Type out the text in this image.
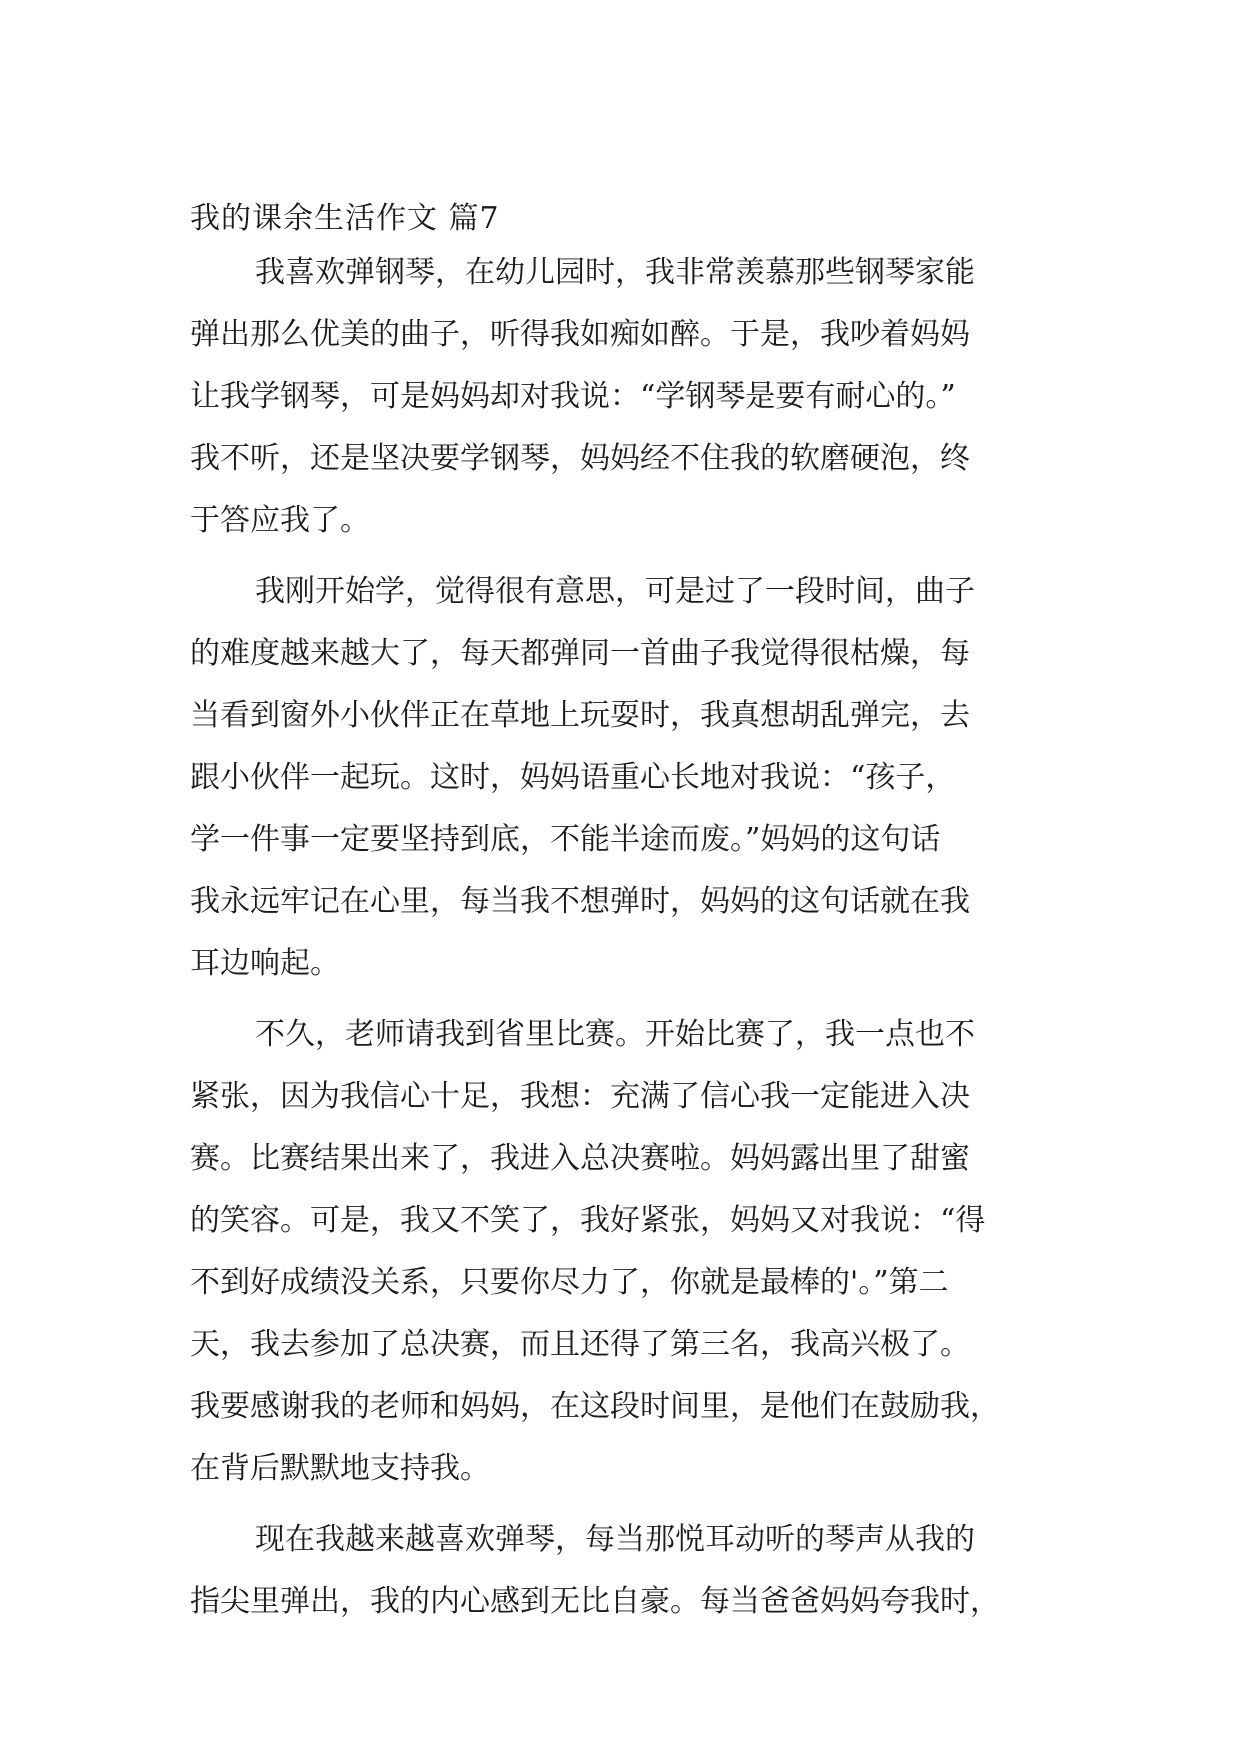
我的课余生活作文 篇7
我喜欢弹钢琴，在幼儿园时，我非常羡慕那些钢琴家能
弹出那么优美的曲子，听得我如痴如醉。于是，我吵着妈妈
让我学钢琴，可是妈妈却对我说：“学钢琴是要有耐心的。”
我不听，还是坚决要学钢琴，妈妈经不住我的软磨硬泡，终
于答应我了。
我刚开始学，觉得很有意思，可是过了一段时间，曲子
的难度越来越大了，每天都弹同一首曲子我觉得很枯燥，每
当看到窗外小伙伴正在草地上玩耍时，我真想胡乱弹完，去
跟小伙伴一起玩。这时，妈妈语重心长地对我说：“孩子，
学一件事一定要坚持到底，不能半途而废。”妈妈的这句话
我永远牢记在心里，每当我不想弹时，妈妈的这句话就在我
耳边响起。
不久，老师请我到省里比赛。开始比赛了，我一点也不
紧张，因为我信心十足，我想：充满了信心我一定能进入决
赛。比赛结果出来了，我进入总决赛啦。妈妈露出里了甜蜜
的笑容。可是，我又不笑了，我好紧张，妈妈又对我说：“得
不到好成绩没关系，只要你尽力了，你就是最棒的'。”第二
天，我去参加了总决赛，而且还得了第三名，我高兴极了。
我要感谢我的老师和妈妈，在这段时间里，是他们在鼓励我，
在背后默默地支持我。
现在我越来越喜欢弹琴，每当那悦耳动听的琴声从我的
指尖里弹出，我的内心感到无比自豪。每当爸爸妈妈夸我时，
